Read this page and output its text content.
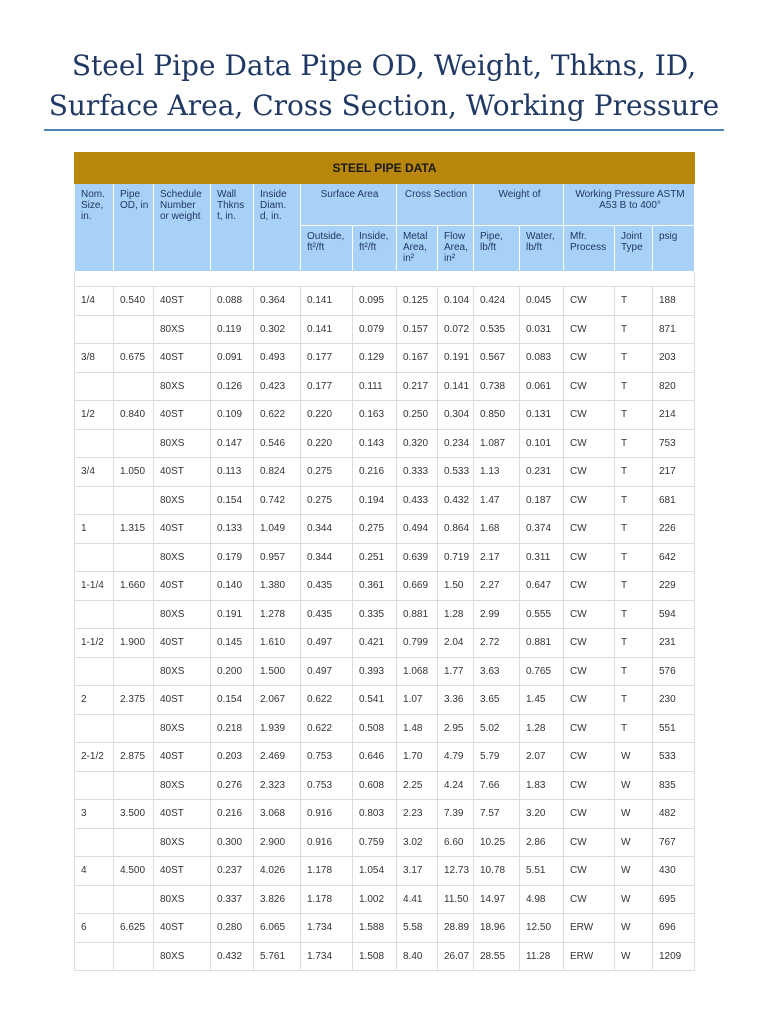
Steel Pipe Data Pipe OD, Weight, Thkns, ID,
Surface Area, Cross Section, Working Pressure
STEEL PIPE DATA													
Nom. Size, in.	Pipe OD, in	Schedule Number or weight	Wall Thkns t, in.	Inside Diam. d, in.	Surface Area		Cross Section		Weight of		Working Pressure ASTM A53 B to 400°		
					Outside, ft²/ft	Inside, ft²/ft	Metal Area, in²	Flow Area, in²	Pipe, lb/ft	Water, lb/ft	Mfr. Process	Joint Type	psig

1/4	0.540	40ST	0.088	0.364	0.141	0.095	0.125	0.104	0.424	0.045	CW	T	188
		80XS	0.119	0.302	0.141	0.079	0.157	0.072	0.535	0.031	CW	T	871
3/8	0.675	40ST	0.091	0.493	0.177	0.129	0.167	0.191	0.567	0.083	CW	T	203
		80XS	0.126	0.423	0.177	0.111	0.217	0.141	0.738	0.061	CW	T	820
1/2	0.840	40ST	0.109	0.622	0.220	0.163	0.250	0.304	0.850	0.131	CW	T	214
		80XS	0.147	0.546	0.220	0.143	0.320	0.234	1.087	0.101	CW	T	753
3/4	1.050	40ST	0.113	0.824	0.275	0.216	0.333	0.533	1.13	0.231	CW	T	217
		80XS	0.154	0.742	0.275	0.194	0.433	0.432	1.47	0.187	CW	T	681
1	1.315	40ST	0.133	1.049	0.344	0.275	0.494	0.864	1.68	0.374	CW	T	226
		80XS	0.179	0.957	0.344	0.251	0.639	0.719	2.17	0.311	CW	T	642
1-1/4	1.660	40ST	0.140	1.380	0.435	0.361	0.669	1.50	2.27	0.647	CW	T	229
		80XS	0.191	1.278	0.435	0.335	0.881	1.28	2.99	0.555	CW	T	594
1-1/2	1.900	40ST	0.145	1.610	0.497	0.421	0.799	2.04	2.72	0.881	CW	T	231
		80XS	0.200	1.500	0.497	0.393	1.068	1.77	3.63	0.765	CW	T	576
2	2.375	40ST	0.154	2.067	0.622	0.541	1.07	3.36	3.65	1.45	CW	T	230
		80XS	0.218	1.939	0.622	0.508	1.48	2.95	5.02	1.28	CW	T	551
2-1/2	2.875	40ST	0.203	2.469	0.753	0.646	1.70	4.79	5.79	2.07	CW	W	533
		80XS	0.276	2.323	0.753	0.608	2.25	4.24	7.66	1.83	CW	W	835
3	3.500	40ST	0.216	3.068	0.916	0.803	2.23	7.39	7.57	3.20	CW	W	482
		80XS	0.300	2.900	0.916	0.759	3.02	6.60	10.25	2.86	CW	W	767
4	4.500	40ST	0.237	4.026	1.178	1.054	3.17	12.73	10.78	5.51	CW	W	430
		80XS	0.337	3.826	1.178	1.002	4.41	11.50	14.97	4.98	CW	W	695
6	6.625	40ST	0.280	6.065	1.734	1.588	5.58	28.89	18.96	12.50	ERW	W	696
		80XS	0.432	5.761	1.734	1.508	8.40	26.07	28.55	11.28	ERW	W	1209
